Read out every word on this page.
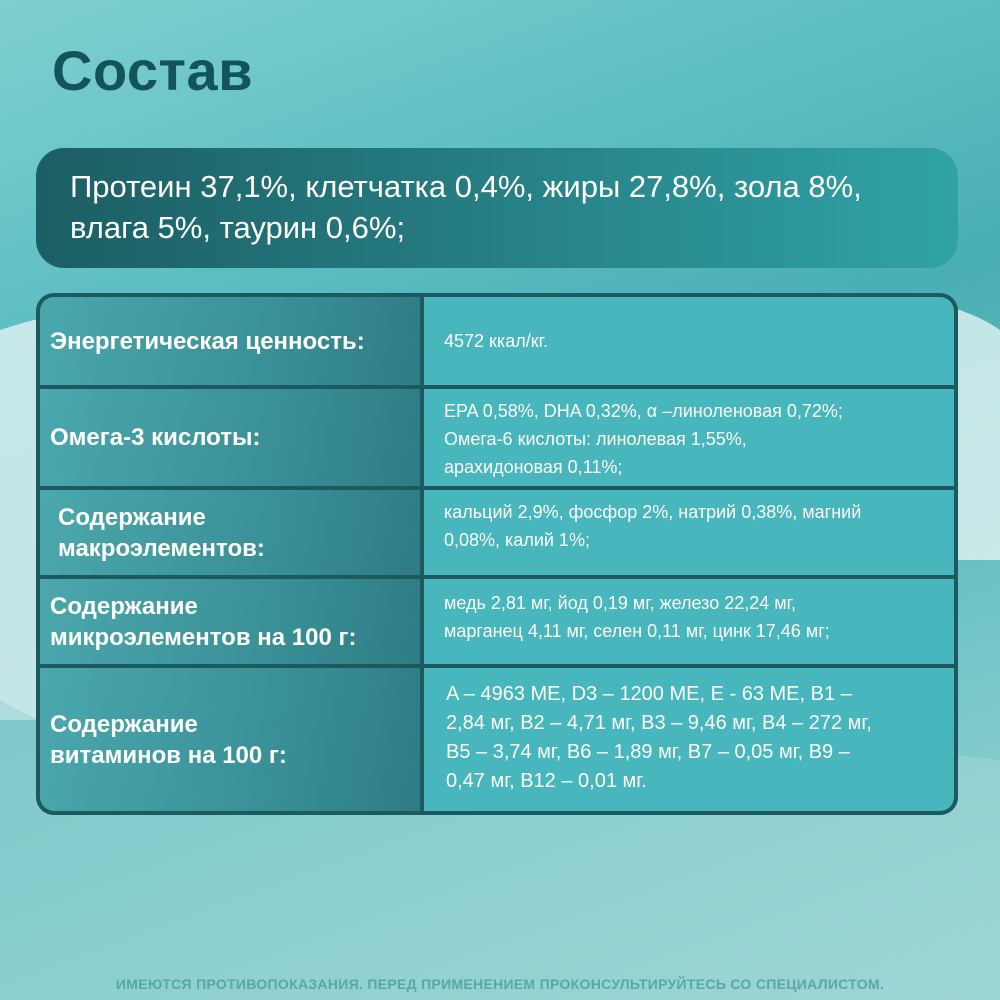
Состав
Протеин 37,1%, клетчатка 0,4%, жиры 27,8%, зола 8%,
влага 5%, таурин 0,6%;
Энергетическая ценность:	4572 ккал/кг.
Омега-3 кислоты:
EPA 0,58%, DHA 0,32%, α –линоленовая 0,72%;
Омега-6 кислоты: линолевая 1,55%,
арахидоновая 0,11%;
Содержание
макроэлементов:
кальций 2,9%, фосфор 2%, натрий 0,38%, магний
0,08%, калий 1%;
Содержание
микроэлементов на 100 г:
медь 2,81 мг, йод 0,19 мг, железо 22,24 мг,
марганец 4,11 мг, селен 0,11 мг, цинк 17,46 мг;
Содержание
витаминов на 100 г:
A – 4963 МЕ, D3 – 1200 МЕ, E - 63 МЕ, B1 –
2,84 мг, B2 – 4,71 мг, B3 – 9,46 мг, B4 – 272 мг,
B5 – 3,74 мг, B6 – 1,89 мг, B7 – 0,05 мг, B9 –
0,47 мг, B12 – 0,01 мг.
ИМЕЮТСЯ ПРОТИВОПОКАЗАНИЯ. ПЕРЕД ПРИМЕНЕНИЕМ ПРОКОНСУЛЬТИРУЙТЕСЬ СО СПЕЦИАЛИСТОМ.
